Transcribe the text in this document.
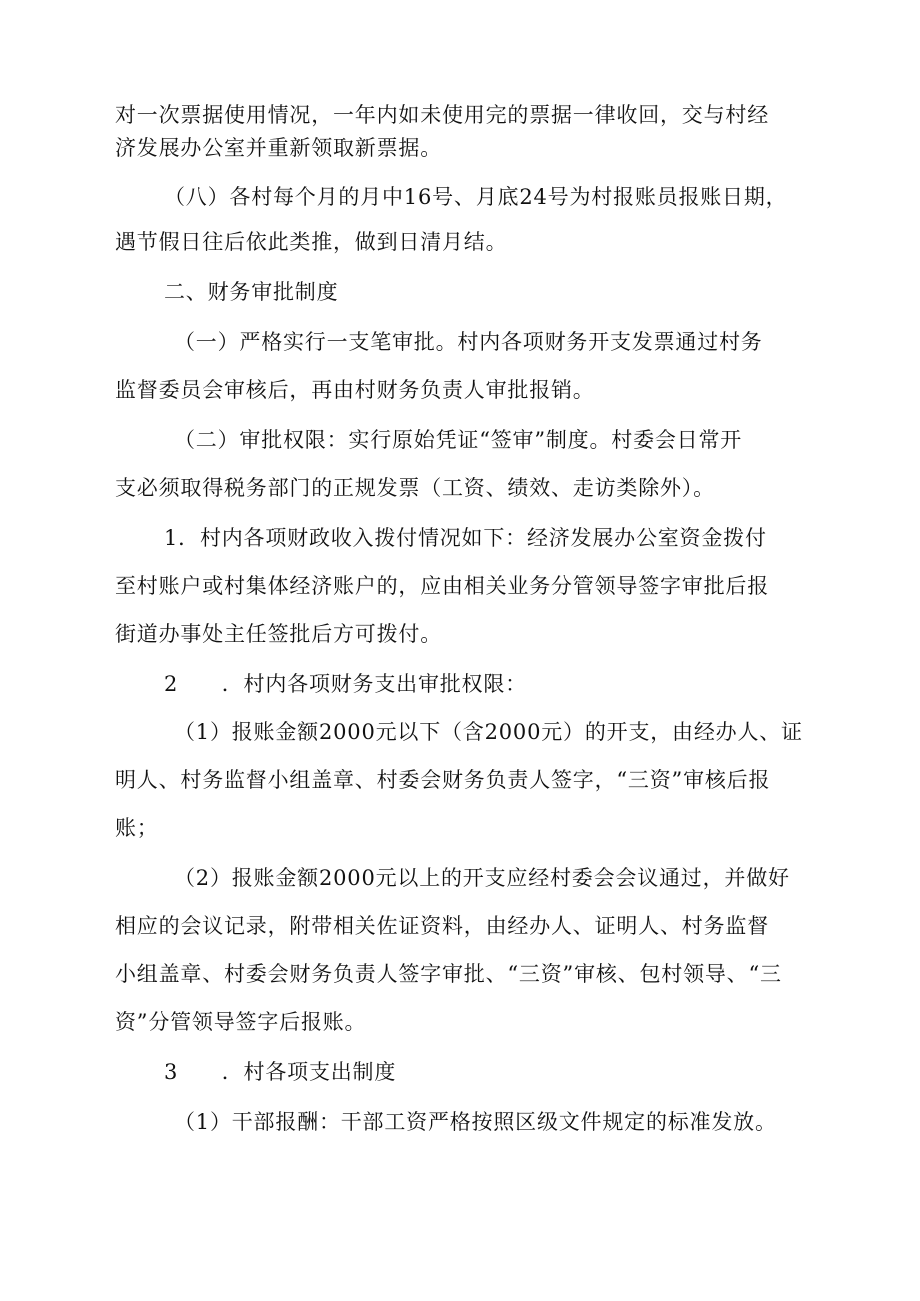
对一次票据使用情况，一年内如未使用完的票据一律收回，交与村经
济发展办公室并重新领取新票据。
（八）各村每个月的月中16号、月底24号为村报账员报账日期，
遇节假日往后依此类推，做到日清月结。
二、财务审批制度
（一）严格实行一支笔审批。村内各项财务开支发票通过村务
监督委员会审核后，再由村财务负责人审批报销。
（二）审批权限：实行原始凭证“签审”制度。村委会日常开
支必须取得税务部门的正规发票（工资、绩效、走访类除外）。
1．村内各项财政收入拨付情况如下：经济发展办公室资金拨付
至村账户或村集体经济账户的，应由相关业务分管领导签字审批后报
街道办事处主任签批后方可拨付。
2　　．村内各项财务支出审批权限：
（1）报账金额2000元以下（含2000元）的开支，由经办人、证
明人、村务监督小组盖章、村委会财务负责人签字，“三资”审核后报
账；
（2）报账金额2000元以上的开支应经村委会会议通过，并做好
相应的会议记录，附带相关佐证资料，由经办人、证明人、村务监督
小组盖章、村委会财务负责人签字审批、“三资”审核、包村领导、“三
资”分管领导签字后报账。
3　　．村各项支出制度
（1）干部报酬：干部工资严格按照区级文件规定的标准发放。
